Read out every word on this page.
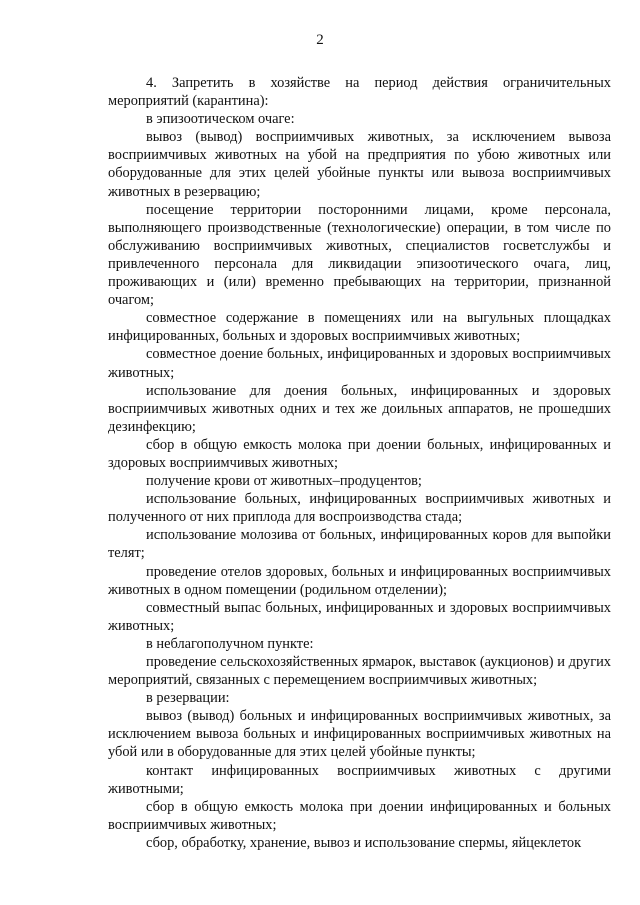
2

4. Запретить в хозяйстве на период действия ограничительных мероприятий (карантина):

в эпизоотическом очаге:

вывоз (вывод) восприимчивых животных, за исключением вывоза восприимчивых животных на убой на предприятия по убою животных или оборудованные для этих целей убойные пункты или вывоза восприимчивых животных в резервацию;

посещение территории посторонними лицами, кроме персонала, выполняющего производственные (технологические) операции, в том числе по обслуживанию восприимчивых животных, специалистов госветслужбы и привлеченного персонала для ликвидации эпизоотического очага, лиц, проживающих и (или) временно пребывающих на территории, признанной очагом;

совместное содержание в помещениях или на выгульных площадках инфицированных, больных и здоровых восприимчивых животных;

совместное доение больных, инфицированных и здоровых восприимчивых животных;

использование для доения больных, инфицированных и здоровых восприимчивых животных одних и тех же доильных аппаратов, не прошедших дезинфекцию;

сбор в общую емкость молока при доении больных, инфицированных и здоровых восприимчивых животных;

получение крови от животных–продуцентов;

использование больных, инфицированных восприимчивых животных и полученного от них приплода для воспроизводства стада;

использование молозива от больных, инфицированных коров для выпойки телят;

проведение отелов здоровых, больных и инфицированных восприимчивых животных в одном помещении (родильном отделении);

совместный выпас больных, инфицированных и здоровых восприимчивых животных;

в неблагополучном пункте:

проведение сельскохозяйственных ярмарок, выставок (аукционов) и других мероприятий, связанных с перемещением восприимчивых животных;

в резервации:

вывоз (вывод) больных и инфицированных восприимчивых животных, за исключением вывоза больных и инфицированных восприимчивых животных на убой или в оборудованные для этих целей убойные пункты;

контакт инфицированных восприимчивых животных с другими животными;

сбор в общую емкость молока при доении инфицированных и больных восприимчивых животных;

сбор, обработку, хранение, вывоз и использование спермы, яйцеклеток
